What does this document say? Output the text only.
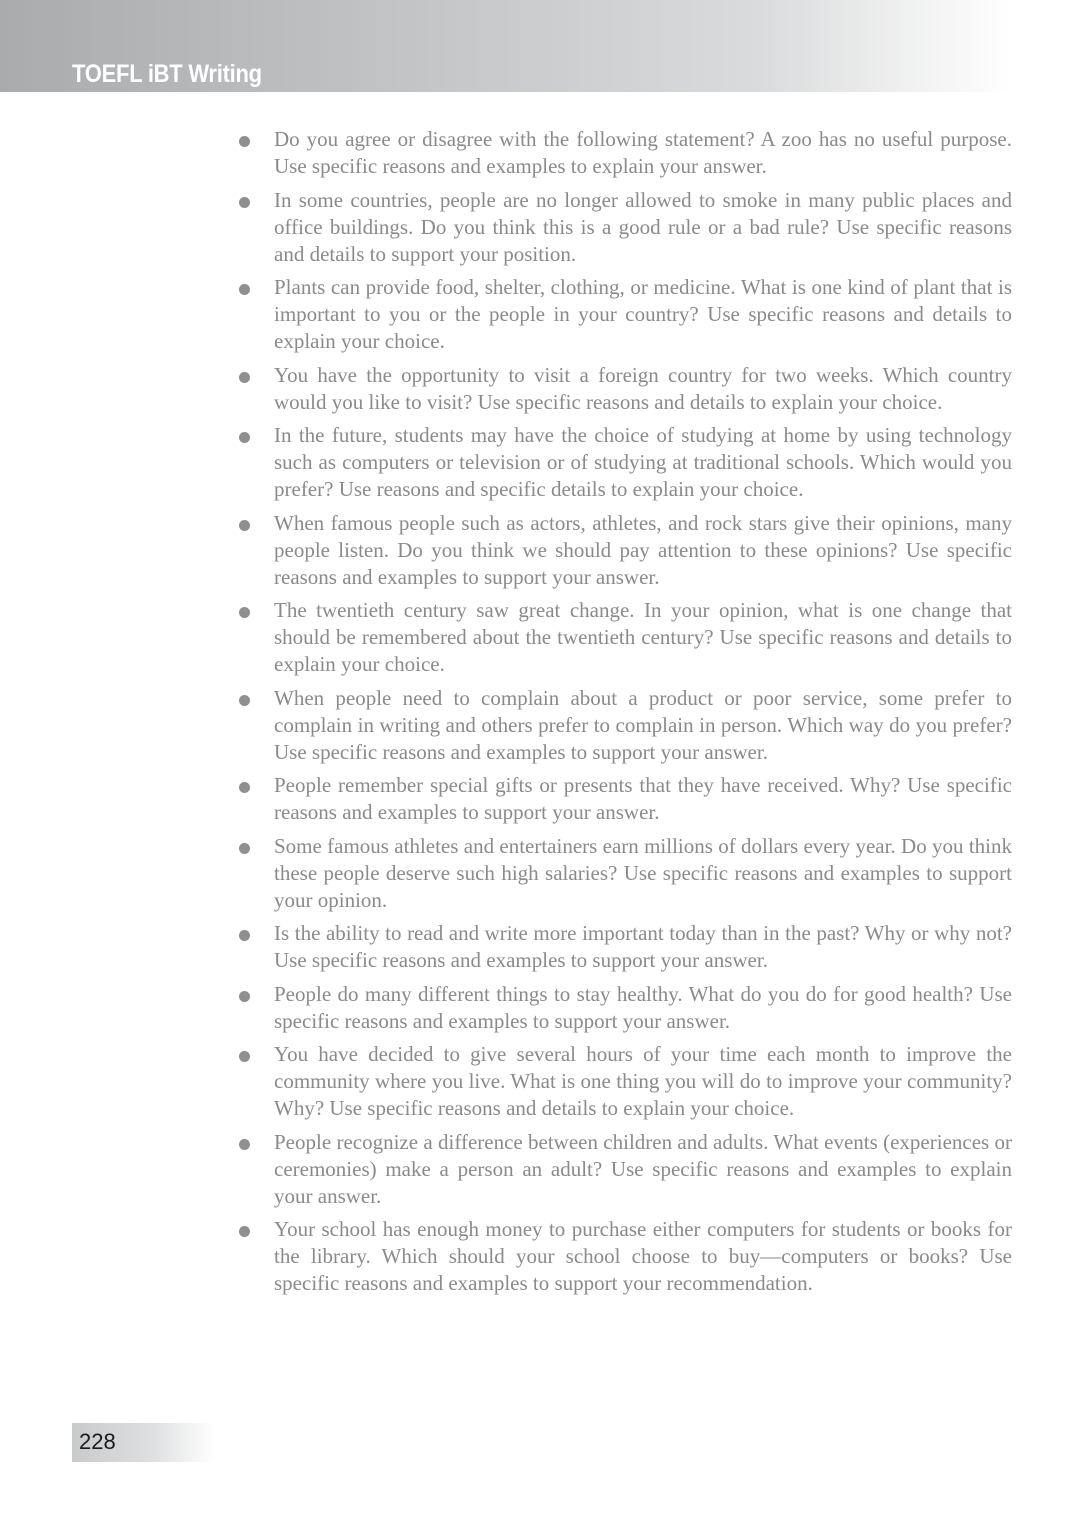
TOEFL iBT Writing
Do you agree or disagree with the following statement? A zoo has no useful purpose. Use specific reasons and examples to explain your answer.
In some countries, people are no longer allowed to smoke in many public places and office buildings. Do you think this is a good rule or a bad rule? Use specific reasons and details to support your position.
Plants can provide food, shelter, clothing, or medicine. What is one kind of plant that is important to you or the people in your country? Use specific reasons and details to explain your choice.
You have the opportunity to visit a foreign country for two weeks. Which country would you like to visit? Use specific reasons and details to explain your choice.
In the future, students may have the choice of studying at home by using technology such as computers or television or of studying at traditional schools. Which would you prefer? Use reasons and specific details to explain your choice.
When famous people such as actors, athletes, and rock stars give their opinions, many people listen. Do you think we should pay attention to these opinions? Use specific reasons and examples to support your answer.
The twentieth century saw great change. In your opinion, what is one change that should be remembered about the twentieth century? Use specific reasons and details to explain your choice.
When people need to complain about a product or poor service, some prefer to complain in writing and others prefer to complain in person. Which way do you prefer? Use specific reasons and examples to support your answer.
People remember special gifts or presents that they have received. Why? Use specific reasons and examples to support your answer.
Some famous athletes and entertainers earn millions of dollars every year. Do you think these people deserve such high salaries? Use specific reasons and examples to support your opinion.
Is the ability to read and write more important today than in the past? Why or why not? Use specific reasons and examples to support your answer.
People do many different things to stay healthy. What do you do for good health? Use specific reasons and examples to support your answer.
You have decided to give several hours of your time each month to improve the community where you live. What is one thing you will do to improve your community? Why? Use specific reasons and details to explain your choice.
People recognize a difference between children and adults. What events (experiences or ceremonies) make a person an adult? Use specific reasons and examples to explain your answer.
Your school has enough money to purchase either computers for students or books for the library. Which should your school choose to buy—computers or books? Use specific reasons and examples to support your recommendation.
228
